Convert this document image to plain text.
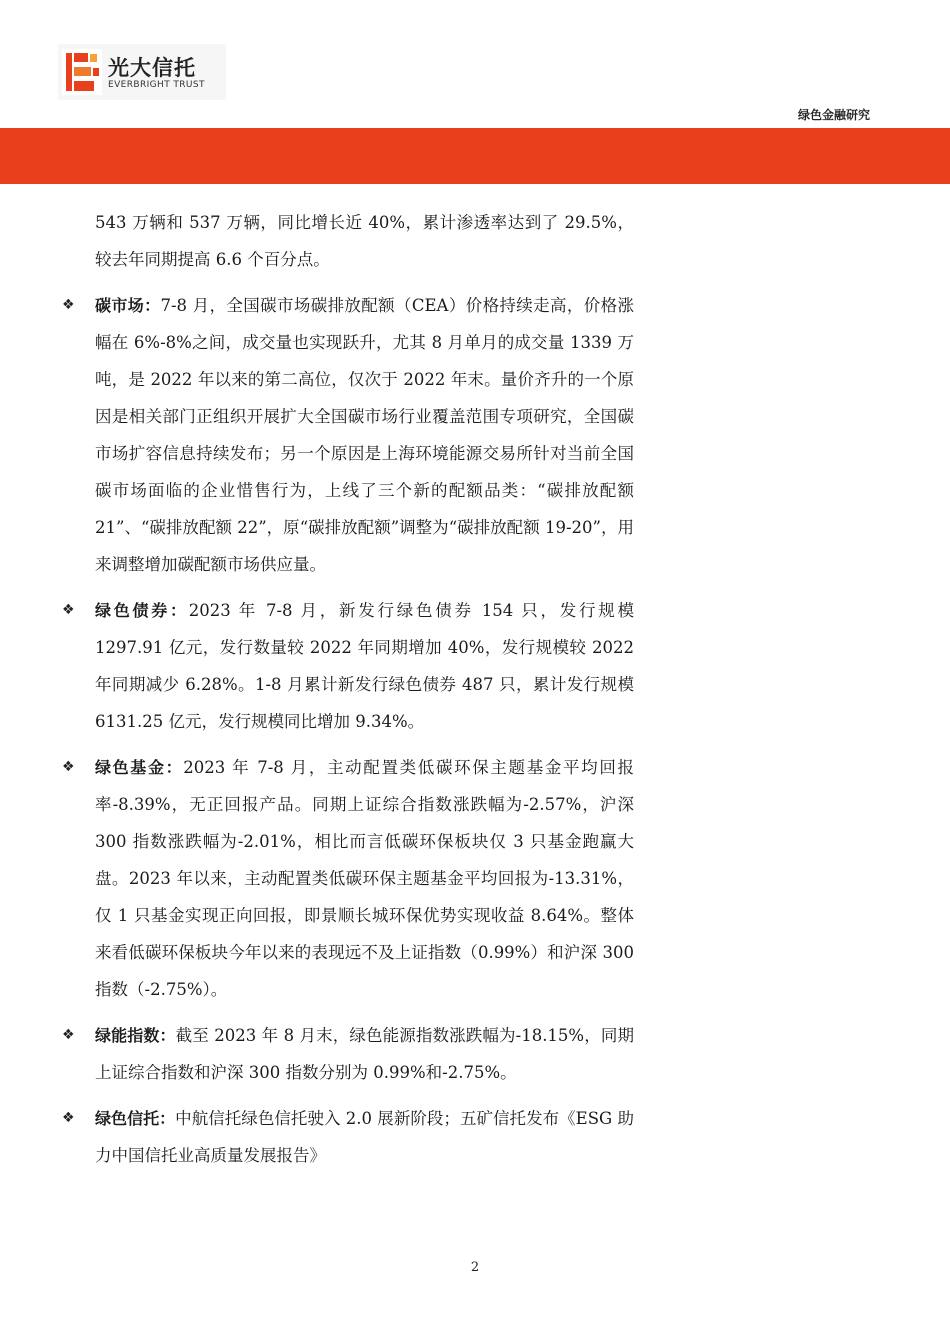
光大信托
EVERBRIGHT TRUST
绿色金融研究
543 万辆和 537 万辆，同比增长近 40%，累计渗透率达到了 29.5%，较去年同期提高 6.6 个百分点。
❖ 碳市场：7-8 月，全国碳市场碳排放配额（CEA）价格持续走高，价格涨幅在 6%-8%之间，成交量也实现跃升，尤其 8 月单月的成交量 1339 万吨，是 2022 年以来的第二高位，仅次于 2022 年末。量价齐升的一个原因是相关部门正组织开展扩大全国碳市场行业覆盖范围专项研究，全国碳市场扩容信息持续发布；另一个原因是上海环境能源交易所针对当前全国碳市场面临的企业惜售行为，上线了三个新的配额品类：“碳排放配额 21”、“碳排放配额 22”，原“碳排放配额”调整为“碳排放配额 19-20”，用来调整增加碳配额市场供应量。
❖ 绿色债券：2023 年 7-8 月，新发行绿色债券 154 只，发行规模 1297.91 亿元，发行数量较 2022 年同期增加 40%，发行规模较 2022 年同期减少 6.28%。1-8 月累计新发行绿色债券 487 只，累计发行规模 6131.25 亿元，发行规模同比增加 9.34%。
❖ 绿色基金：2023 年 7-8 月，主动配置类低碳环保主题基金平均回报率-8.39%，无正回报产品。同期上证综合指数涨跌幅为-2.57%，沪深 300 指数涨跌幅为-2.01%，相比而言低碳环保板块仅 3 只基金跑赢大盘。2023 年以来，主动配置类低碳环保主题基金平均回报为-13.31%，仅 1 只基金实现正向回报，即景顺长城环保优势实现收益 8.64%。整体来看低碳环保板块今年以来的表现远不及上证指数（0.99%）和沪深 300 指数（-2.75%）。
❖ 绿能指数：截至 2023 年 8 月末，绿色能源指数涨跌幅为-18.15%，同期上证综合指数和沪深 300 指数分别为 0.99%和-2.75%。
❖ 绿色信托：中航信托绿色信托驶入 2.0 展新阶段；五矿信托发布《ESG 助力中国信托业高质量发展报告》
2
